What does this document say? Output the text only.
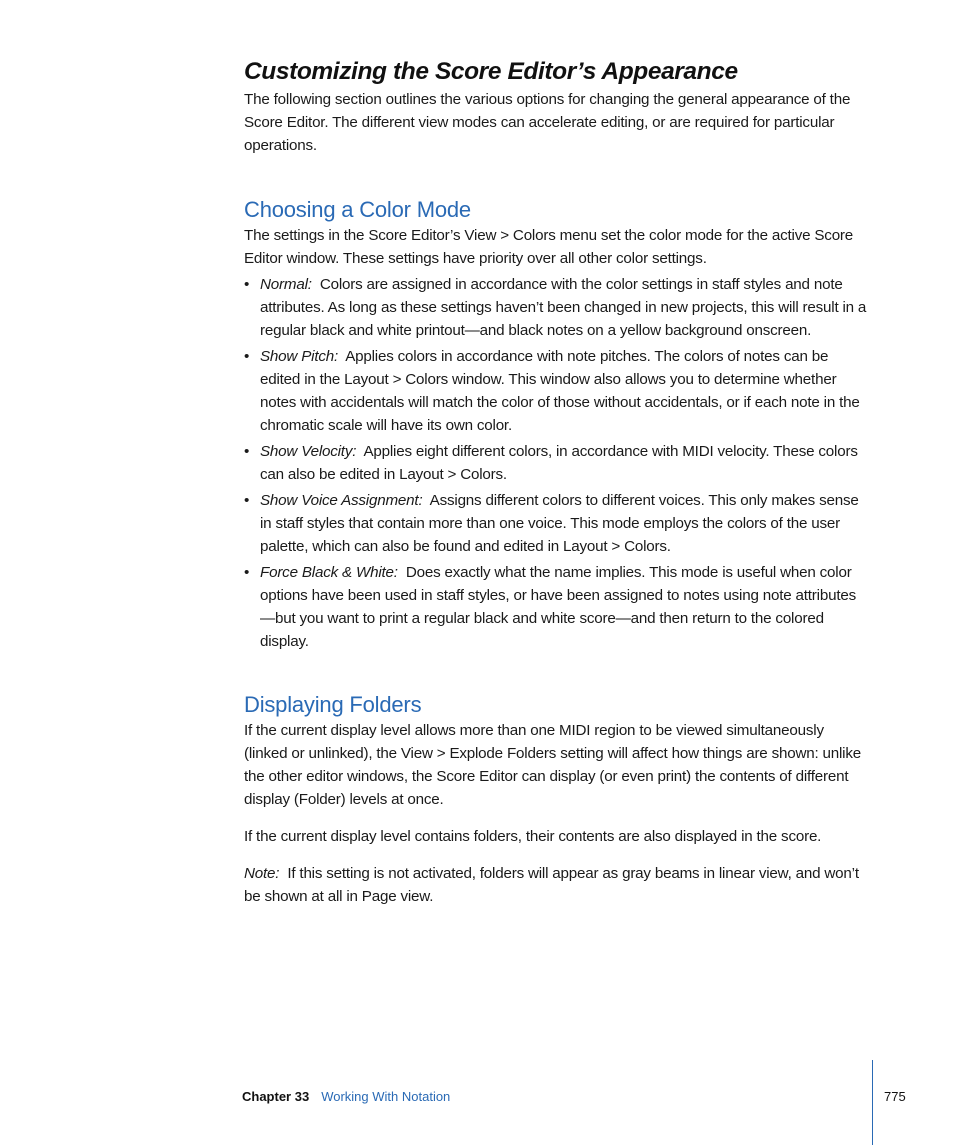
Customizing the Score Editor’s Appearance

The following section outlines the various options for changing the general appearance of the Score Editor. The different view modes can accelerate editing, or are required for particular operations.

Choosing a Color Mode

The settings in the Score Editor’s View > Colors menu set the color mode for the active Score Editor window. These settings have priority over all other color settings.

• Normal: Colors are assigned in accordance with the color settings in staff styles and note attributes. As long as these settings haven’t been changed in new projects, this will result in a regular black and white printout—and black notes on a yellow background onscreen.
• Show Pitch: Applies colors in accordance with note pitches. The colors of notes can be edited in the Layout > Colors window. This window also allows you to determine whether notes with accidentals will match the color of those without accidentals, or if each note in the chromatic scale will have its own color.
• Show Velocity: Applies eight different colors, in accordance with MIDI velocity. These colors can also be edited in Layout > Colors.
• Show Voice Assignment: Assigns different colors to different voices. This only makes sense in staff styles that contain more than one voice. This mode employs the colors of the user palette, which can also be found and edited in Layout > Colors.
• Force Black & White: Does exactly what the name implies. This mode is useful when color options have been used in staff styles, or have been assigned to notes using note attributes—but you want to print a regular black and white score—and then return to the colored display.
Displaying Folders

If the current display level allows more than one MIDI region to be viewed simultaneously (linked or unlinked), the View > Explode Folders setting will affect how things are shown: unlike the other editor windows, the Score Editor can display (or even print) the contents of different display (Folder) levels at once.

If the current display level contains folders, their contents are also displayed in the score.

Note: If this setting is not activated, folders will appear as gray beams in linear view, and won’t be shown at all in Page view.

Chapter 33 Working With Notation	775
